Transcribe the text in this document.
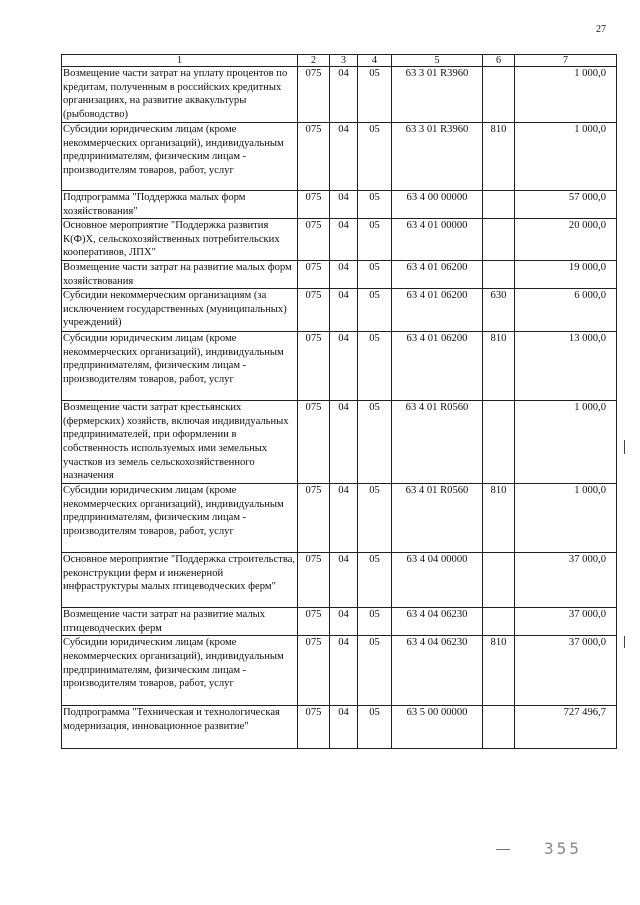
27
1	2	3	4	5	6	7
Возмещение части затрат на уплату процентов по кредитам, полученным в российских кредитных организациях, на развитие аквакультуры (рыбоводство)	075	04	05	63 3 01 R3960		1 000,0
Субсидии юридическим лицам (кроме некоммерческих организаций), индивидуальным предпринимателям, физическим лицам - производителям товаров, работ, услуг	075	04	05	63 3 01 R3960	810	1 000,0
Подпрограмма "Поддержка малых форм хозяйствования"	075	04	05	63 4 00 00000		57 000,0
Основное мероприятие "Поддержка развития К(Ф)Х, сельскохозяйственных потребительских кооперативов, ЛПХ"	075	04	05	63 4 01 00000		20 000,0
Возмещение части затрат на развитие малых форм хозяйствования	075	04	05	63 4 01 06200		19 000,0
Субсидии некоммерческим организациям (за исключением государственных (муниципальных) учреждений)	075	04	05	63 4 01 06200	630	6 000,0
Субсидии юридическим лицам (кроме некоммерческих организаций), индивидуальным предпринимателям, физическим лицам - производителям товаров, работ, услуг	075	04	05	63 4 01 06200	810	13 000,0
Возмещение части затрат крестьянских (фермерских) хозяйств, включая индивидуальных предпринимателей, при оформлении в собственность используемых ими земельных участков из земель сельскохозяйственного назначения	075	04	05	63 4 01 R0560		1 000,0
Субсидии юридическим лицам (кроме некоммерческих организаций), индивидуальным предпринимателям, физическим лицам - производителям товаров, работ, услуг	075	04	05	63 4 01 R0560	810	1 000,0
Основное мероприятие "Поддержка строительства, реконструкции ферм и инженерной инфраструктуры малых птицеводческих ферм"	075	04	05	63 4 04 00000		37 000,0
Возмещение части затрат на развитие малых птицеводческих ферм	075	04	05	63 4 04 06230		37 000,0
Субсидии юридическим лицам (кроме некоммерческих организаций), индивидуальным предпринимателям, физическим лицам - производителям товаров, работ, услуг	075	04	05	63 4 04 06230	810	37 000,0
Подпрограмма "Техническая и технологическая модернизация, инновационное развитие"	075	04	05	63 5 00 00000		727 496,7
355
